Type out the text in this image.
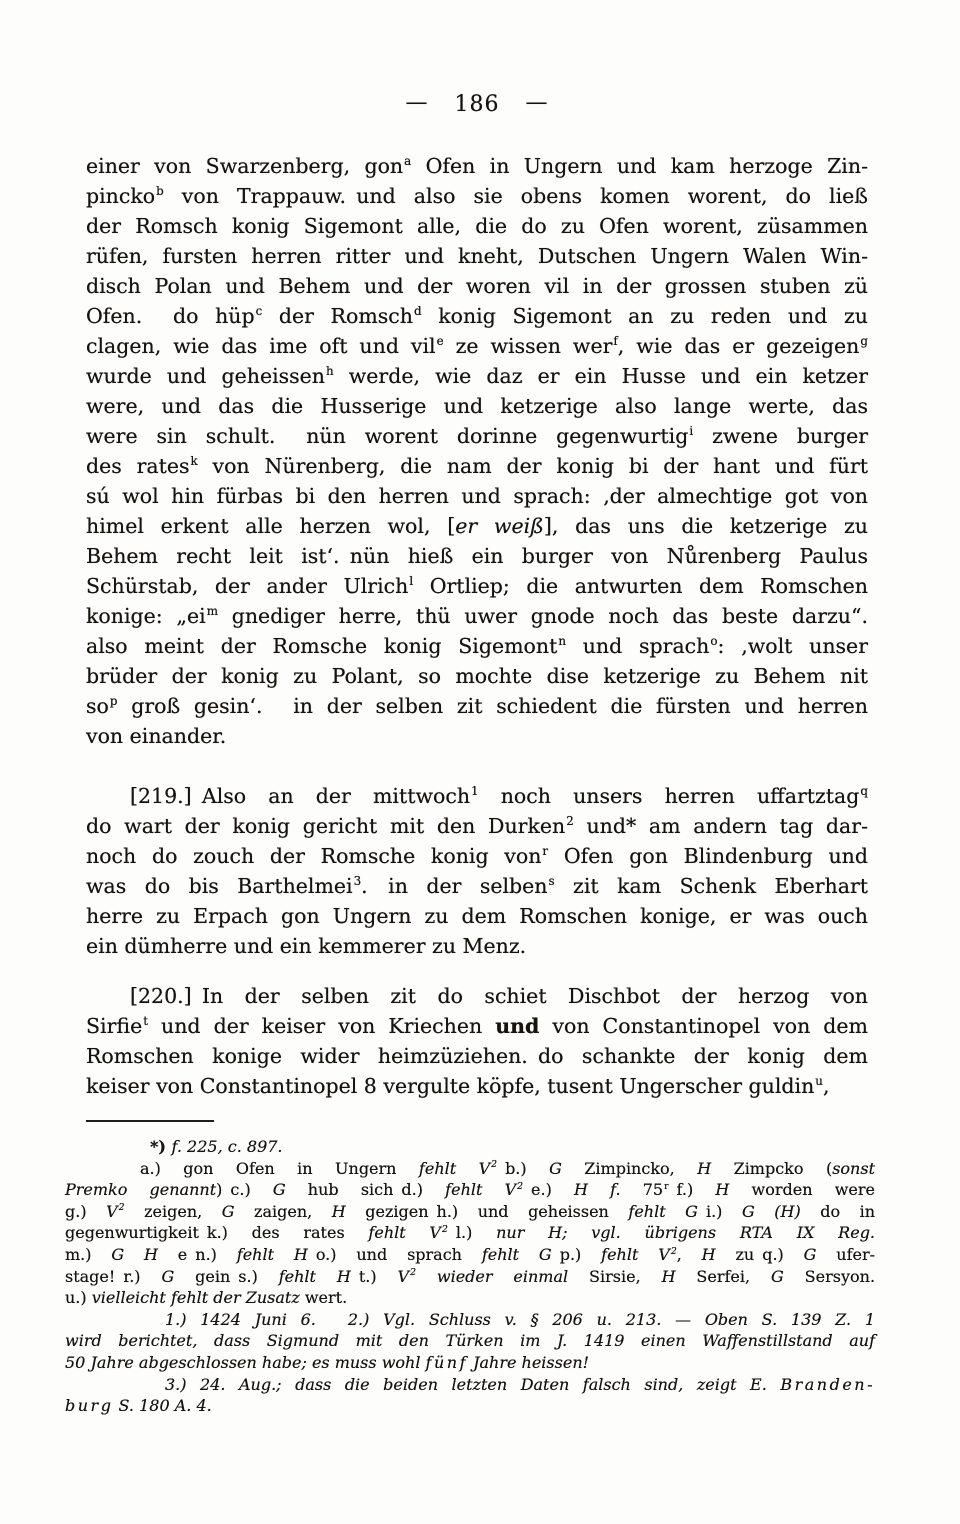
— 186 —
einer von Swarzenberg, gon$^a$ Ofen in Ungern und kam herzoge Zin-
pincko$^b$ von Trappauw. und also sie obens komen worent, do ließ
der Romsch konig Sigemont alle, die do zu Ofen worent, züsammen
rüfen, fursten herren ritter und kneht, Dutschen Ungern Walen Win-
disch Polan und Behem und der woren vil in der grossen stuben zü
Ofen.  do hüp$^c$ der Romsch$^d$ konig Sigemont an zu reden und zu
clagen, wie das ime oft und vil$^e$ ze wissen wer$^f$, wie das er gezeigen$^g$
wurde und geheissen$^h$ werde, wie daz er ein Husse und ein ketzer
were, und das die Husserige und ketzerige also lange werte, das
were sin schult.  nün worent dorinne gegenwurtig$^i$ zwene burger
des rates$^k$ von Nürenberg, die nam der konig bi der hant und fürt
sú wol hin fürbas bi den herren und sprach: ‚der almechtige got von
himel erkent alle herzen wol, [er weiß], das uns die ketzerige zu
Behem recht leit ist‘. nün hieß ein burger von Nůrenberg Paulus
Schürstab, der ander Ulrich$^l$ Ortliep; die antwurten dem Romschen
konige: $„ei^m$ gnediger herre, thü uwer gnode noch das beste darzu“.
also meint der Romsche konig Sigemont$^n$ und sprach$^o$: ‚wolt unser
brüder der konig zu Polant, so mochte dise ketzerige zu Behem nit
$so^p$ groß gesin‘.  in der selben zit schiedent die fürsten und herren
von einander.
[219.] Also an der mittwoch$^1$ noch unsers herren uffartztag$^q$
do wart der konig gericht mit den Durken$^2$ und* am andern tag dar-
noch do zouch der Romsche konig von$^r$ Ofen gon Blindenburg und
was do bis Barthelmei$^3$. in der selben$^s$ zit kam Schenk Eberhart
herre zu Erpach gon Ungern zu dem Romschen konige, er was ouch
ein dümherre und ein kemmerer zu Menz.
[220.] In der selben zit do schiet Dischbot der herzog von
Sirfie$^t$ und der keiser von Kriechen und von Constantinopel von dem
Romschen konige wider heimzüziehen. do schankte der konig dem
keiser von Constantinopel 8 vergulte köpfe, tusent Ungerscher guldin$^u$,
*) f. 225, c. 897.
a.) gon Ofen in Ungern fehlt $V^2$ b.) G Zimpincko, H Zimpcko (sonst
Premko genannt) c.) G hub sich d.) fehlt $V^2$ e.) H f. 75$^r$ f.) H worden were
g.) $V^2$ zeigen, G zaigen, H gezigen h.) und geheissen fehlt G i.) G (H) do in
gegenwurtigkeit k.) des rates fehlt $V^2$ l.) nur H; vgl. übrigens RTA IX Reg.
m.) G H e n.) fehlt H o.) und sprach fehlt G p.) fehlt $V^2$, H zu q.) G ufer-
stage! r.) G gein s.) fehlt H t.) $V^2$ wieder einmal Sirsie, H Serfei, G Sersyon.
u.) vielleicht fehlt der Zusatz wert.
1.) 1424 Juni 6.   2.) Vgl. Schluss v. § 206 u. 213. — Oben S. 139 Z. 1
wird berichtet, dass Sigmund mit den Türken im J. 1419 einen Waffenstillstand auf
50 Jahre abgeschlossen habe; es muss wohl fünf Jahre heissen!
3.) 24. Aug.; dass die beiden letzten Daten falsch sind, zeigt E. Branden-
burg S. 180 A. 4.
